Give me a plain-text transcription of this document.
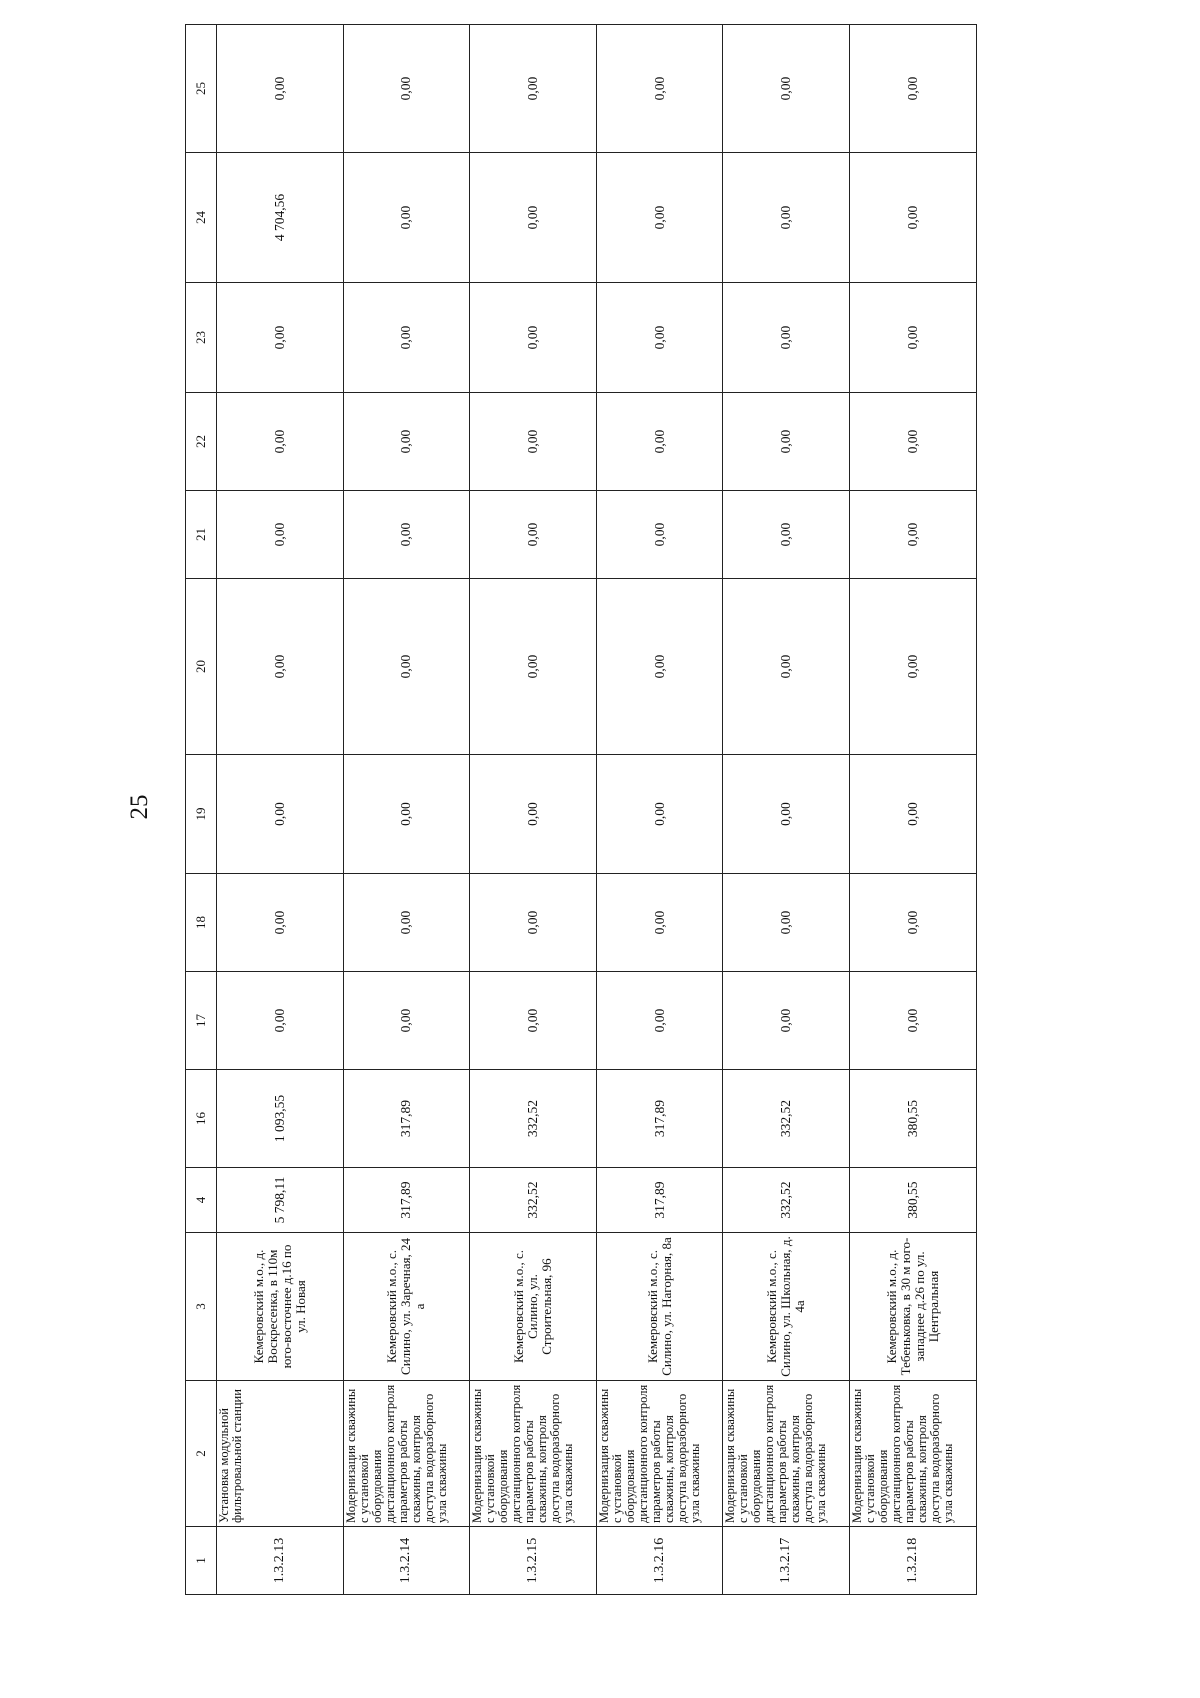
25
1	2	3	4	16	17	18	19	20	21	22	23	24	25
1.3.2.13	Установка модульной фильтровальной станции	Кемеровский м.о., д. Воскресенка, в 110м юго-восточнее д.16 по ул. Новая	5 798,11	1 093,55	0,00	0,00	0,00	0,00	0,00	0,00	0,00	4 704,56	0,00
1.3.2.14	Модернизация скважины с установкой оборудования дистанционного контроля параметров работы скважины, контроля доступа водоразборного узла скважины	Кемеровский м.о., с. Силино, ул. Заречная, 24 а	317,89	317,89	0,00	0,00	0,00	0,00	0,00	0,00	0,00	0,00	0,00
1.3.2.15	Модернизация скважины с установкой оборудования дистанционного контроля параметров работы скважины, контроля доступа водоразборного узла скважины	Кемеровский м.о., с. Силино, ул. Строительная, 96	332,52	332,52	0,00	0,00	0,00	0,00	0,00	0,00	0,00	0,00	0,00
1.3.2.16	Модернизация скважины с установкой оборудования дистанционного контроля параметров работы скважины, контроля доступа водоразборного узла скважины	Кемеровский м.о., с. Силино, ул. Нагорная, 8а	317,89	317,89	0,00	0,00	0,00	0,00	0,00	0,00	0,00	0,00	0,00
1.3.2.17	Модернизация скважины с установкой оборудования дистанционного контроля параметров работы скважины, контроля доступа водоразборного узла скважины	Кемеровский м.о., с. Силино, ул. Школьная, д. 4а	332,52	332,52	0,00	0,00	0,00	0,00	0,00	0,00	0,00	0,00	0,00
1.3.2.18	Модернизация скважины с установкой оборудования дистанционного контроля параметров работы скважины, контроля доступа водоразборного узла скважины	Кемеровский м.о., д. Тебеньковка, в 30 м юго-западнее д.26 по ул. Центральная	380,55	380,55	0,00	0,00	0,00	0,00	0,00	0,00	0,00	0,00	0,00
